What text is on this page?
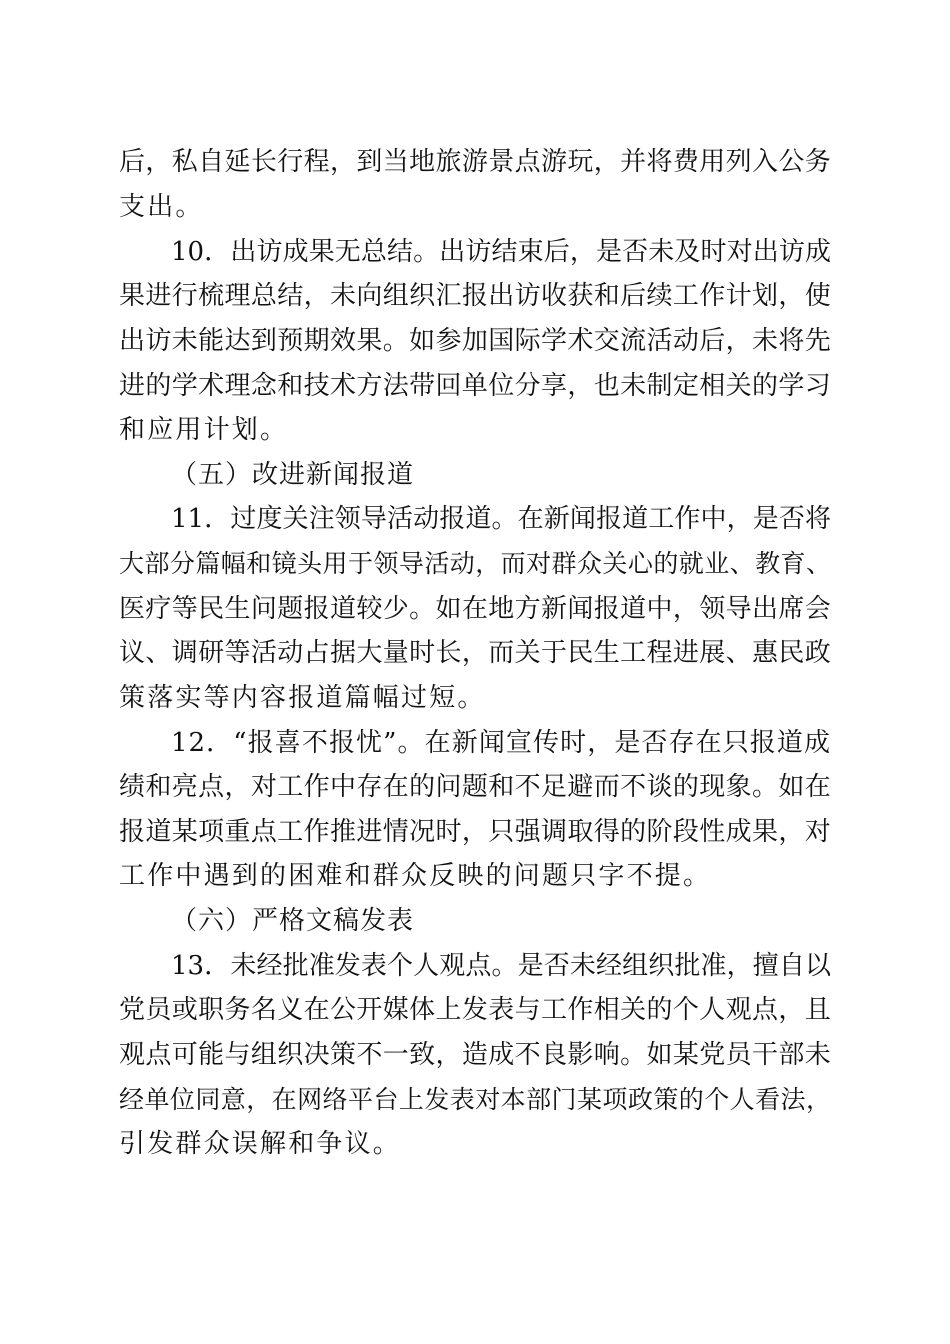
后，私自延长行程，到当地旅游景点游玩，并将费用列入公务
支出。
10．出访成果无总结。出访结束后，是否未及时对出访成
果进行梳理总结，未向组织汇报出访收获和后续工作计划，使
出访未能达到预期效果。如参加国际学术交流活动后，未将先
进的学术理念和技术方法带回单位分享，也未制定相关的学习
和应用计划。
（五）改进新闻报道
11．过度关注领导活动报道。在新闻报道工作中，是否将
大部分篇幅和镜头用于领导活动，而对群众关心的就业、教育、
医疗等民生问题报道较少。如在地方新闻报道中，领导出席会
议、调研等活动占据大量时长，而关于民生工程进展、惠民政
策落实等内容报道篇幅过短。
12．“报喜不报忧”。在新闻宣传时，是否存在只报道成
绩和亮点，对工作中存在的问题和不足避而不谈的现象。如在
报道某项重点工作推进情况时，只强调取得的阶段性成果，对
工作中遇到的困难和群众反映的问题只字不提。
（六）严格文稿发表
13．未经批准发表个人观点。是否未经组织批准，擅自以
党员或职务名义在公开媒体上发表与工作相关的个人观点，且
观点可能与组织决策不一致，造成不良影响。如某党员干部未
经单位同意，在网络平台上发表对本部门某项政策的个人看法，
引发群众误解和争议。
